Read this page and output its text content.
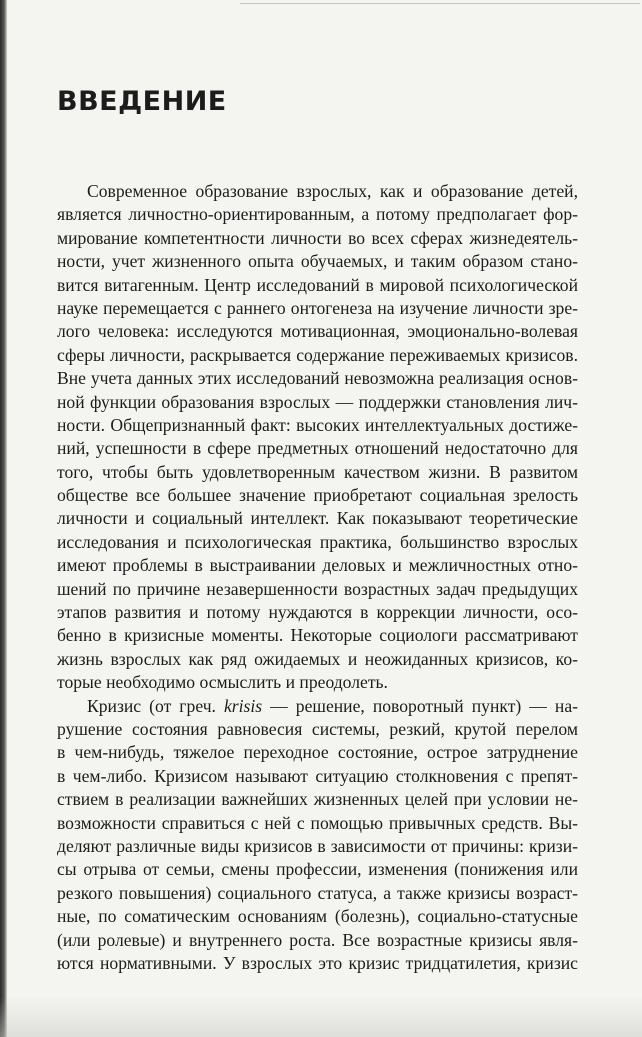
ВВЕДЕНИЕ
Современное образование взрослых, как и образование детей,
является личностно-ориентированным, а потому предполагает фор-
мирование компетентности личности во всех сферах жизнедеятель-
ности, учет жизненного опыта обучаемых, и таким образом стано-
вится витагенным. Центр исследований в мировой психологической
науке перемещается с раннего онтогенеза на изучение личности зре-
лого человека: исследуются мотивационная, эмоционально-волевая
сферы личности, раскрывается содержание переживаемых кризисов.
Вне учета данных этих исследований невозможна реализация основ-
ной функции образования взрослых — поддержки становления лич-
ности. Общепризнанный факт: высоких интеллектуальных достиже-
ний, успешности в сфере предметных отношений недостаточно для
того, чтобы быть удовлетворенным качеством жизни. В развитом
обществе все большее значение приобретают социальная зрелость
личности и социальный интеллект. Как показывают теоретические
исследования и психологическая практика, большинство взрослых
имеют проблемы в выстраивании деловых и межличностных отно-
шений по причине незавершенности возрастных задач предыдущих
этапов развития и потому нуждаются в коррекции личности, осо-
бенно в кризисные моменты. Некоторые социологи рассматривают
жизнь взрослых как ряд ожидаемых и неожиданных кризисов, ко-
торые необходимо осмыслить и преодолеть.
Кризис (от греч. krisis — решение, поворотный пункт) — на-
рушение состояния равновесия системы, резкий, крутой перелом
в чем-нибудь, тяжелое переходное состояние, острое затруднение
в чем-либо. Кризисом называют ситуацию столкновения с препят-
ствием в реализации важнейших жизненных целей при условии не-
возможности справиться с ней с помощью привычных средств. Вы-
деляют различные виды кризисов в зависимости от причины: кризи-
сы отрыва от семьи, смены профессии, изменения (понижения или
резкого повышения) социального статуса, а также кризисы возраст-
ные, по соматическим основаниям (болезнь), социально-статусные
(или ролевые) и внутреннего роста. Все возрастные кризисы явля-
ются нормативными. У взрослых это кризис тридцатилетия, кризис
